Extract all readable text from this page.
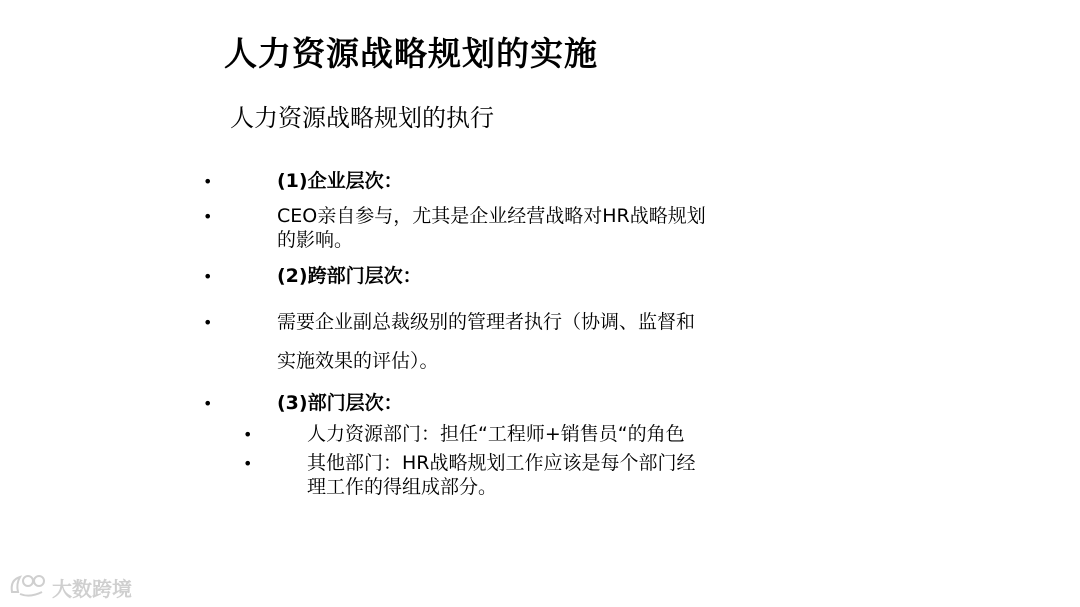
人力资源战略规划的实施
人力资源战略规划的执行
•	(1)企业层次：
•	CEO亲自参与，尤其是企业经营战略对HR战略规划
的影响。
•	(2)跨部门层次：
•	需要企业副总裁级别的管理者执行（协调、监督和
实施效果的评估）。
•	(3)部门层次：
•	人力资源部门：担任“工程师+销售员“的角色
•	其他部门：HR战略规划工作应该是每个部门经
理工作的得组成部分。
大数跨境
